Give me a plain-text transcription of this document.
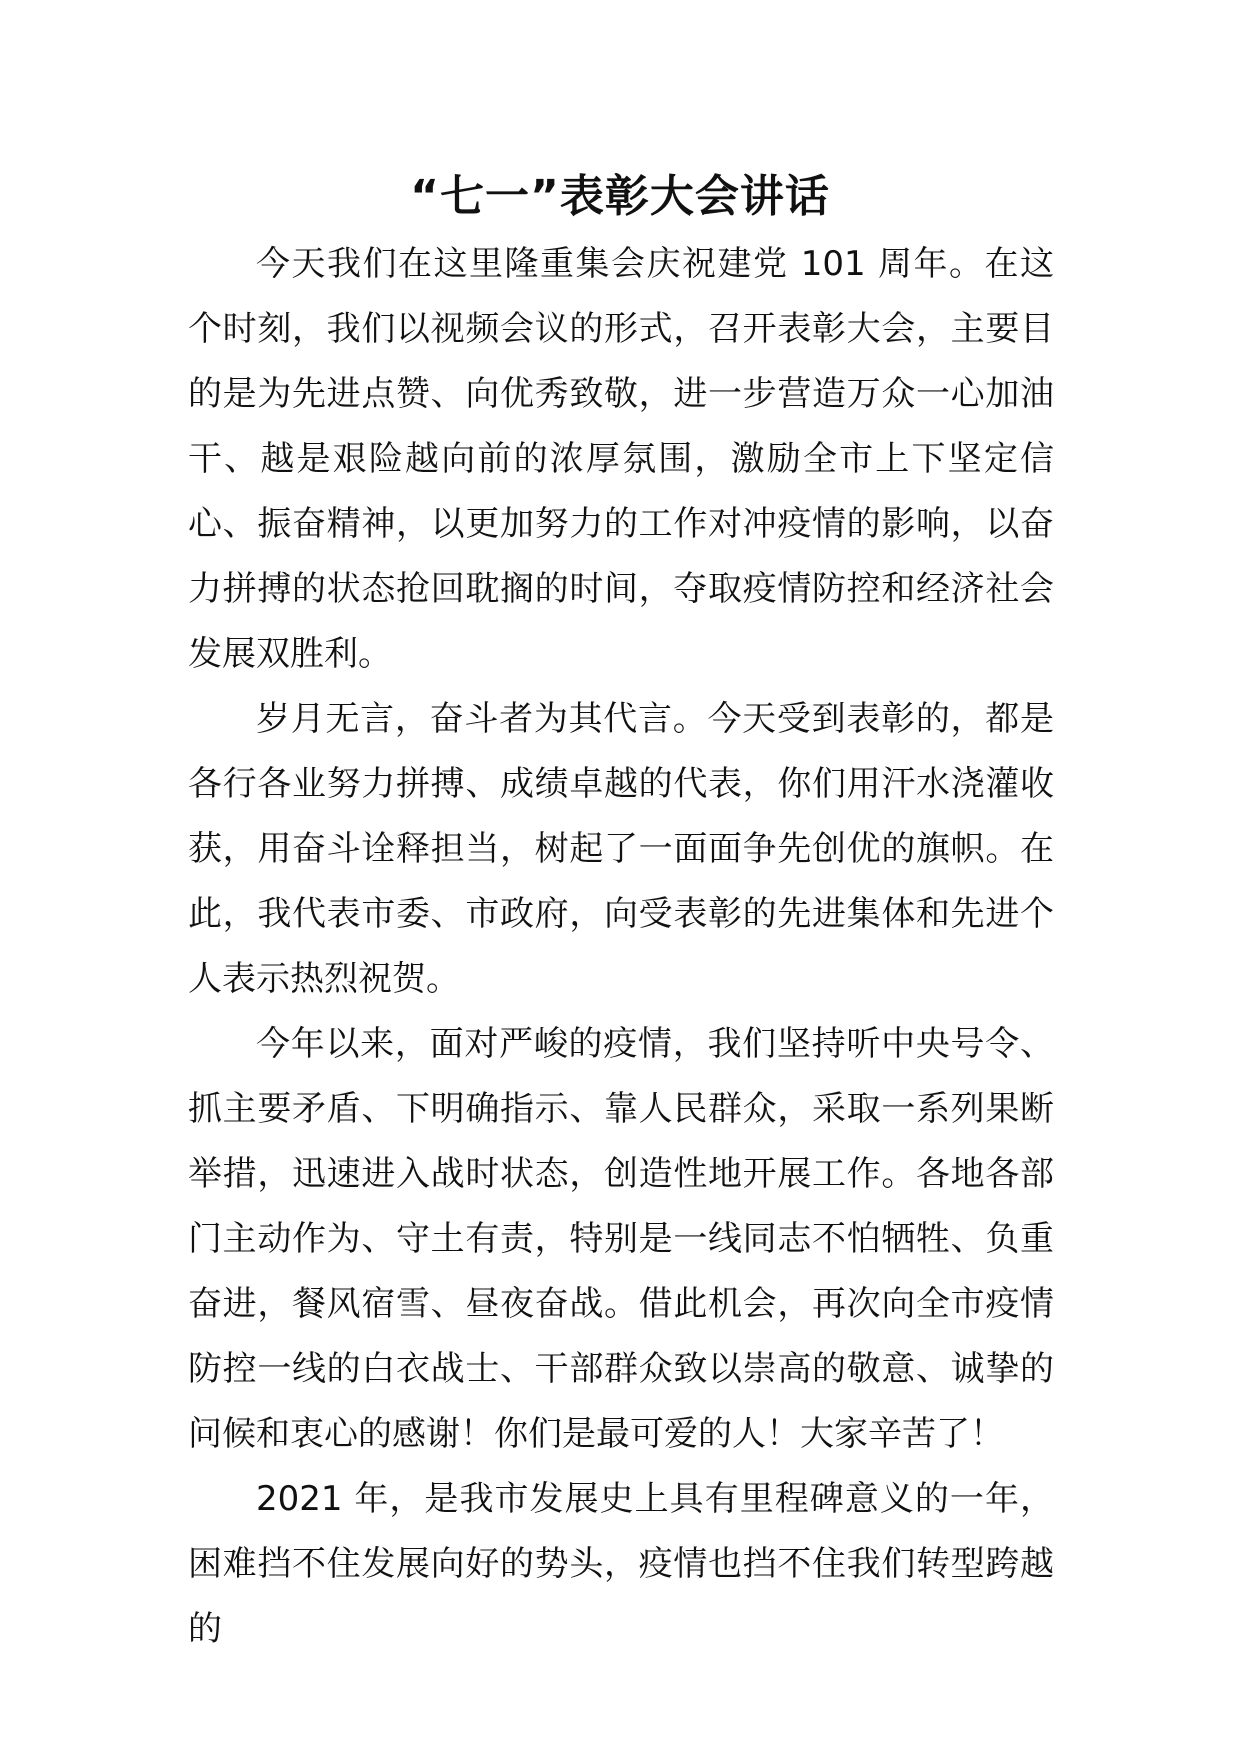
“七一”表彰大会讲话

今天我们在这里隆重集会庆祝建党 101 周年。在这个时刻，我们以视频会议的形式，召开表彰大会，主要目的是为先进点赞、向优秀致敬，进一步营造万众一心加油干、越是艰险越向前的浓厚氛围，激励全市上下坚定信心、振奋精神，以更加努力的工作对冲疫情的影响，以奋力拼搏的状态抢回耽搁的时间，夺取疫情防控和经济社会发展双胜利。

岁月无言，奋斗者为其代言。今天受到表彰的，都是各行各业努力拼搏、成绩卓越的代表，你们用汗水浇灌收获，用奋斗诠释担当，树起了一面面争先创优的旗帜。在此，我代表市委、市政府，向受表彰的先进集体和先进个人表示热烈祝贺。

今年以来，面对严峻的疫情，我们坚持听中央号令、抓主要矛盾、下明确指示、靠人民群众，采取一系列果断举措，迅速进入战时状态，创造性地开展工作。各地各部门主动作为、守土有责，特别是一线同志不怕牺牲、负重奋进，餐风宿雪、昼夜奋战。借此机会，再次向全市疫情防控一线的白衣战士、干部群众致以崇高的敬意、诚挚的问候和衷心的感谢！你们是最可爱的人！大家辛苦了！

2021 年，是我市发展史上具有里程碑意义的一年，困难挡不住发展向好的势头，疫情也挡不住我们转型跨越的
